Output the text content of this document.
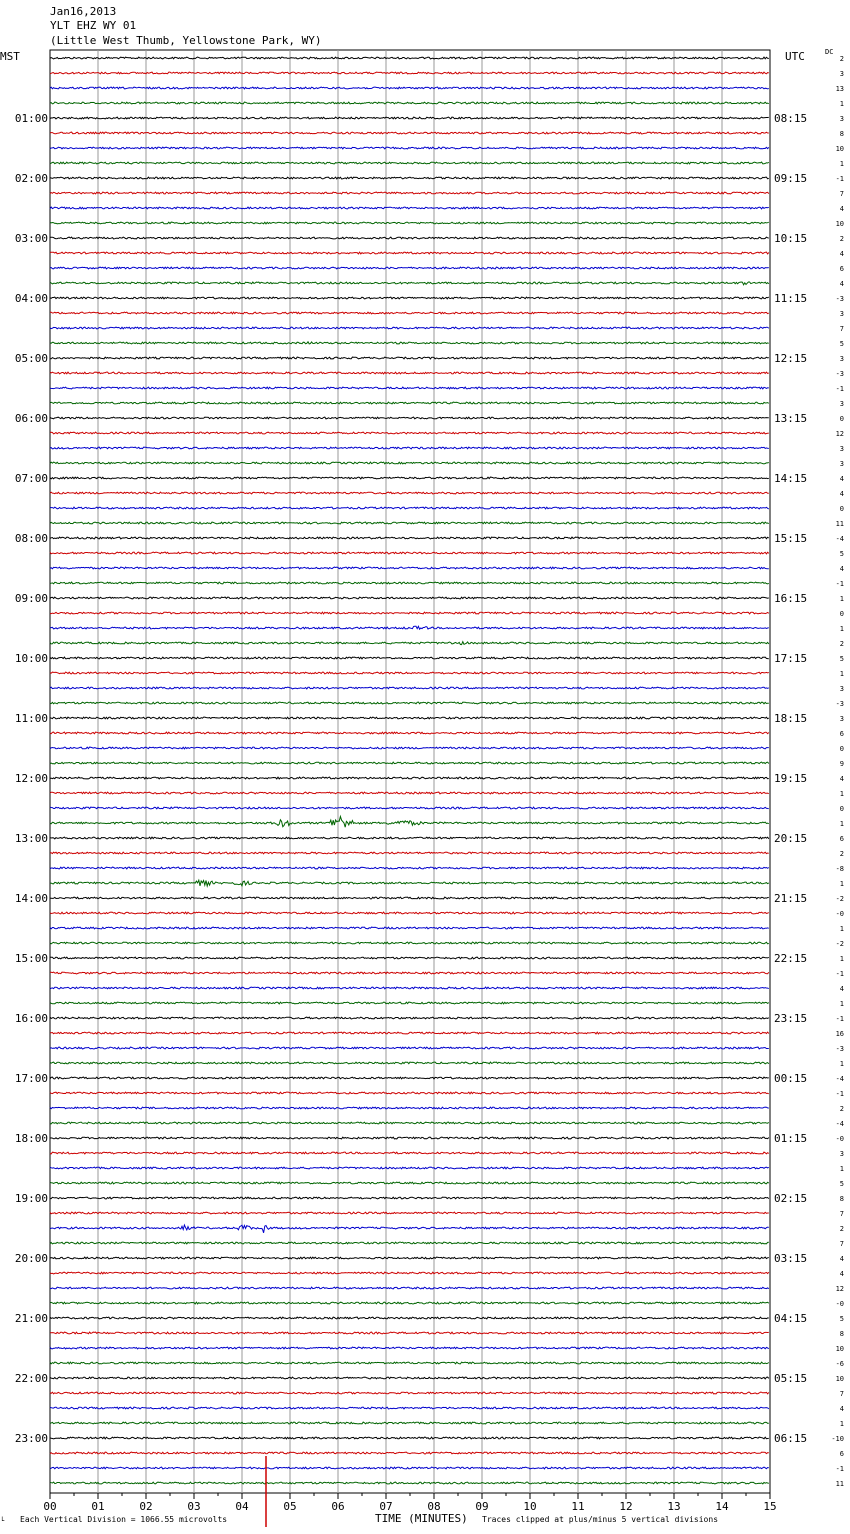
Jan16,2013
YLT EHZ WY 01
(Little West Thumb, Yellowstone Park, WY)
MST	UTC	DC
00	01	02	03	04	05	06	07	08	09	10	11	12	13	14	15
2
3
13
1
3
8
10
1
-1
7
4
10
2
4
6
4
-3
3
7
5
3
-3
-1
3
0
12
3
3
4
4
0
11
-4
5
4
-1
1
0
1
2
5
1
3
-3
3
6
0
9
4
1
0
1
6
2
-8
1
-2
-0
1
-2
1
-1
4
1
-1
16
-3
1
-4
-1
2
-4
-0
3
1
5
8
7
2
7
4
4
12
-0
5
8
10
-6
10
7
4
1
-10
6
-1
11
01:00
02:00
03:00
04:00
05:00
06:00
07:00
08:00
09:00
10:00
11:00
12:00
13:00
14:00
15:00
16:00
17:00
18:00
19:00
20:00
21:00
22:00
23:00
08:15
09:15
10:15
11:15
12:15
13:15
14:15
15:15
16:15
17:15
18:15
19:15
20:15
21:15
22:15
23:15
00:15
01:15
02:15
03:15
04:15
05:15
06:15
└ Each Vertical Division = 1066.55 microvolts	TIME (MINUTES) Traces clipped at plus/minus 5 vertical divisions
